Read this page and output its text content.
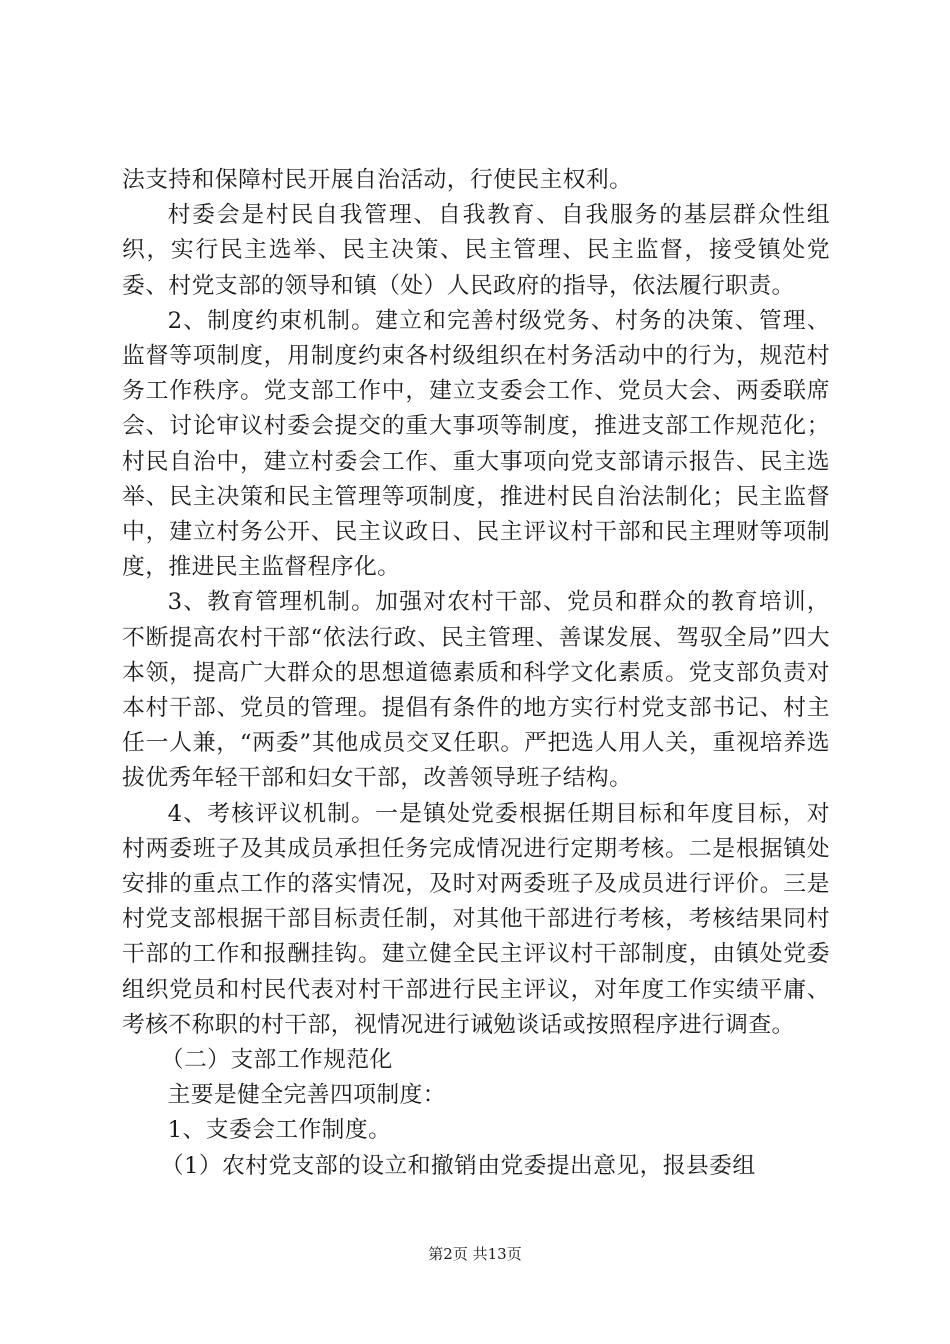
法支持和保障村民开展自治活动，行使民主权利。

村委会是村民自我管理、自我教育、自我服务的基层群众性组织，实行民主选举、民主决策、民主管理、民主监督，接受镇处党委、村党支部的领导和镇（处）人民政府的指导，依法履行职责。

2、制度约束机制。建立和完善村级党务、村务的决策、管理、监督等项制度，用制度约束各村级组织在村务活动中的行为，规范村务工作秩序。党支部工作中，建立支委会工作、党员大会、两委联席会、讨论审议村委会提交的重大事项等制度，推进支部工作规范化；村民自治中，建立村委会工作、重大事项向党支部请示报告、民主选举、民主决策和民主管理等项制度，推进村民自治法制化；民主监督中，建立村务公开、民主议政日、民主评议村干部和民主理财等项制度，推进民主监督程序化。

3、教育管理机制。加强对农村干部、党员和群众的教育培训，不断提高农村干部“依法行政、民主管理、善谋发展、驾驭全局”四大本领，提高广大群众的思想道德素质和科学文化素质。党支部负责对本村干部、党员的管理。提倡有条件的地方实行村党支部书记、村主任一人兼，“两委”其他成员交叉任职。严把选人用人关，重视培养选拔优秀年轻干部和妇女干部，改善领导班子结构。

4、考核评议机制。一是镇处党委根据任期目标和年度目标，对村两委班子及其成员承担任务完成情况进行定期考核。二是根据镇处安排的重点工作的落实情况，及时对两委班子及成员进行评价。三是村党支部根据干部目标责任制，对其他干部进行考核，考核结果同村干部的工作和报酬挂钩。建立健全民主评议村干部制度，由镇处党委组织党员和村民代表对村干部进行民主评议，对年度工作实绩平庸、考核不称职的村干部，视情况进行诫勉谈话或按照程序进行调查。

（二）支部工作规范化

主要是健全完善四项制度：

1、支委会工作制度。

（1）农村党支部的设立和撤销由党委提出意见，报县委组

第2页 共13页
